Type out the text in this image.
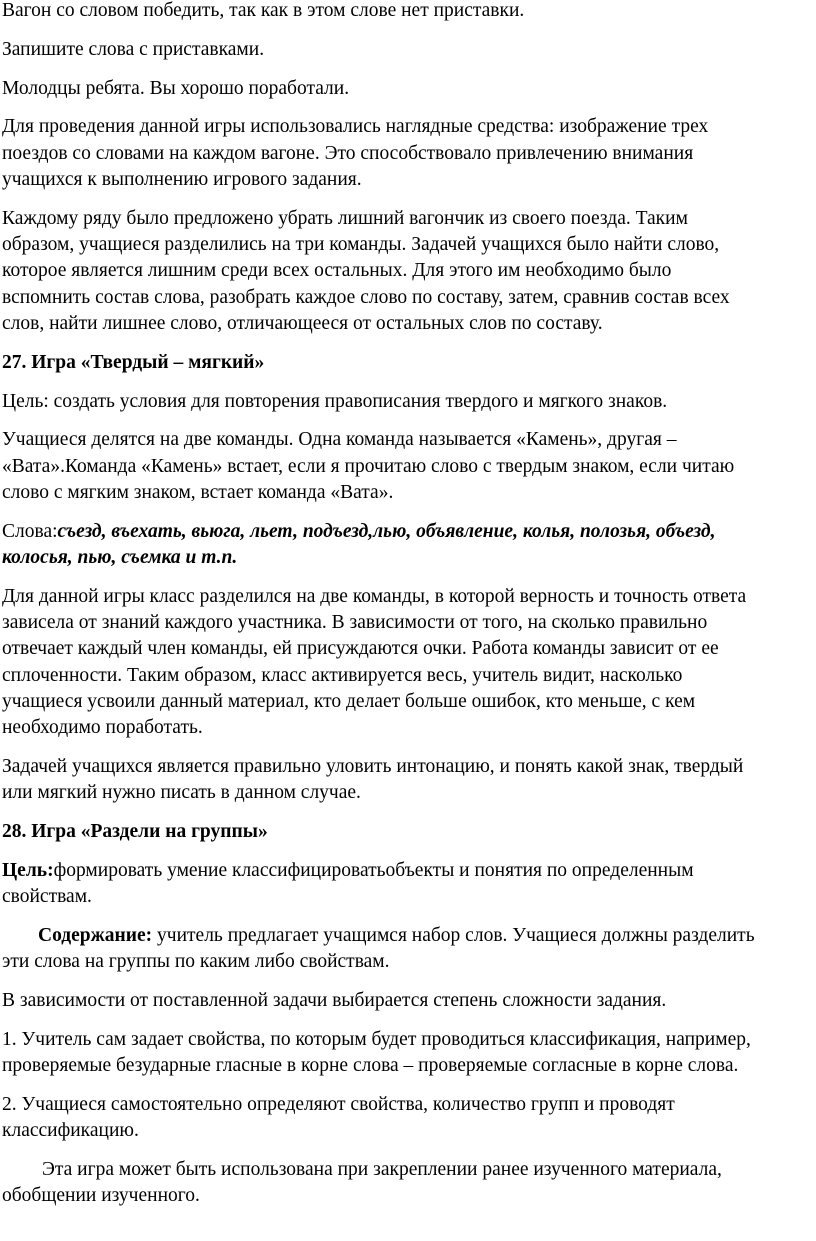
Вагон со словом победить, так как в этом слове нет приставки.
Запишите слова с приставками.
Молодцы ребята. Вы хорошо поработали.
Для проведения данной игры использовались наглядные средства: изображение трех
поездов со словами на каждом вагоне. Это способствовало привлечению внимания
учащихся к выполнению игрового задания.
Каждому ряду было предложено убрать лишний вагончик из своего поезда. Таким
образом, учащиеся разделились на три команды. Задачей учащихся было найти слово,
которое является лишним среди всех остальных. Для этого им необходимо было
вспомнить состав слова, разобрать каждое слово по составу, затем, сравнив состав всех
слов, найти лишнее слово, отличающееся от остальных слов по составу.
27. Игра «Твердый – мягкий»
Цель: создать условия для повторения правописания твердого и мягкого знаков.
Учащиеся делятся на две команды. Одна команда называется «Камень», другая –
«Вата».Команда «Камень» встает, если я прочитаю слово с твердым знаком, если читаю
слово с мягким знаком, встает команда «Вата».
Слова:съезд, въехать, вьюга, льет, подъезд,лью, объявление, колья, полозья, объезд,
колосья, пью, съемка и т.п.
Для данной игры класс разделился на две команды, в которой верность и точность ответа
зависела от знаний каждого участника. В зависимости от того, на сколько правильно
отвечает каждый член команды, ей присуждаются очки. Работа команды зависит от ее
сплоченности. Таким образом, класс активируется весь, учитель видит, насколько
учащиеся усвоили данный материал, кто делает больше ошибок, кто меньше, с кем
необходимо поработать.
Задачей учащихся является правильно уловить интонацию, и понять какой знак, твердый
или мягкий нужно писать в данном случае.
28. Игра «Раздели на группы»
Цель:формировать умение классифицироватьобъекты и понятия по определенным
свойствам.
Содержание: учитель предлагает учащимся набор слов. Учащиеся должны разделить
эти слова на группы по каким либо свойствам.
В зависимости от поставленной задачи выбирается степень сложности задания.
1. Учитель сам задает свойства, по которым будет проводиться классификация, например,
проверяемые безударные гласные в корне слова – проверяемые согласные в корне слова.
2. Учащиеся самостоятельно определяют свойства, количество групп и проводят
классификацию.
Эта игра может быть использована при закреплении ранее изученного материала,
обобщении изученного.
